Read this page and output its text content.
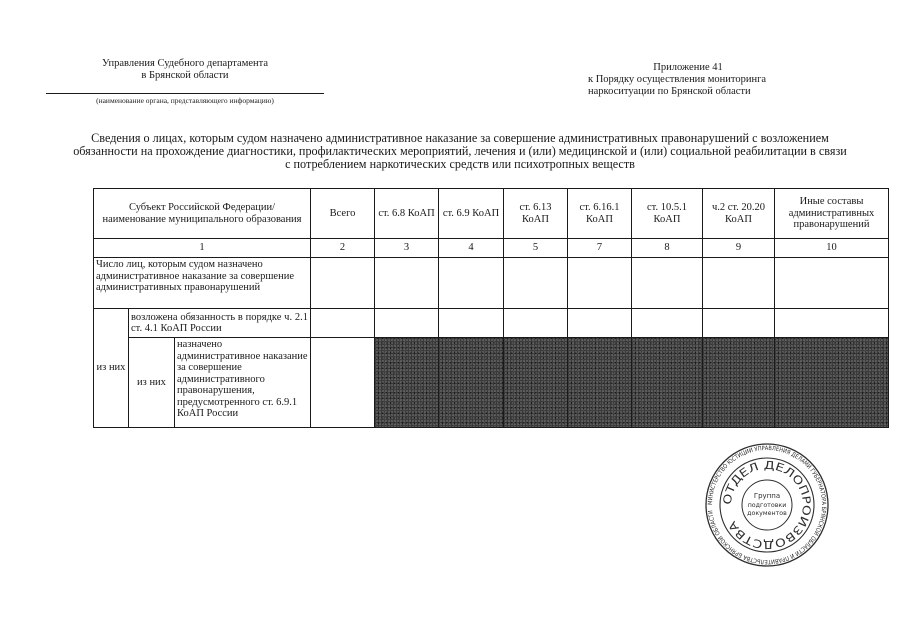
Управления Судебного департамента
в Брянской области
(наименование органа, представляющего информацию)
Приложение 41
к Порядку осуществления мониторинга
наркоситуации по Брянской области
Сведения о лицах, которым судом назначено административное наказание за совершение административных правонарушений с возложением
обязанности на прохождение диагностики, профилактических мероприятий, лечения и (или) медицинской и (или) социальной реабилитации в связи
с потреблением наркотических средств или психотропных веществ
Субъект Российской Федерации/ наименование муниципального образования			Всего	ст. 6.8 КоАП	ст. 6.9 КоАП	ст. 6.13 КоАП	ст. 6.16.1 КоАП	ст. 10.5.1 КоАП	ч.2 ст. 20.20 КоАП	Иные составы административных правонарушений
1			2	3	4	5	7	8	9	10
Число лиц, которым судом назначено административное наказание за совершение административных правонарушений										
из них	возложена обязанность в порядке ч. 2.1 ст. 4.1 КоАП России									
	из них	назначено административное наказание за совершение административного правонарушения, предусмотренного ст. 6.9.1 КоАП России								
МИНИСТЕРСТВО ЮСТИЦИИ УПРАВЛЕНИЯ ДЕЛАМИ ГУБЕРНАТОРА БРЯНСКОЙ ОБЛАСТИ И ПРАВИТЕЛЬСТВА БРЯНСКОЙ ОБЛАСТИ
ОТДЕЛ ДЕЛОПРОИЗВОДСТВА
Группа
подготовки
документов
